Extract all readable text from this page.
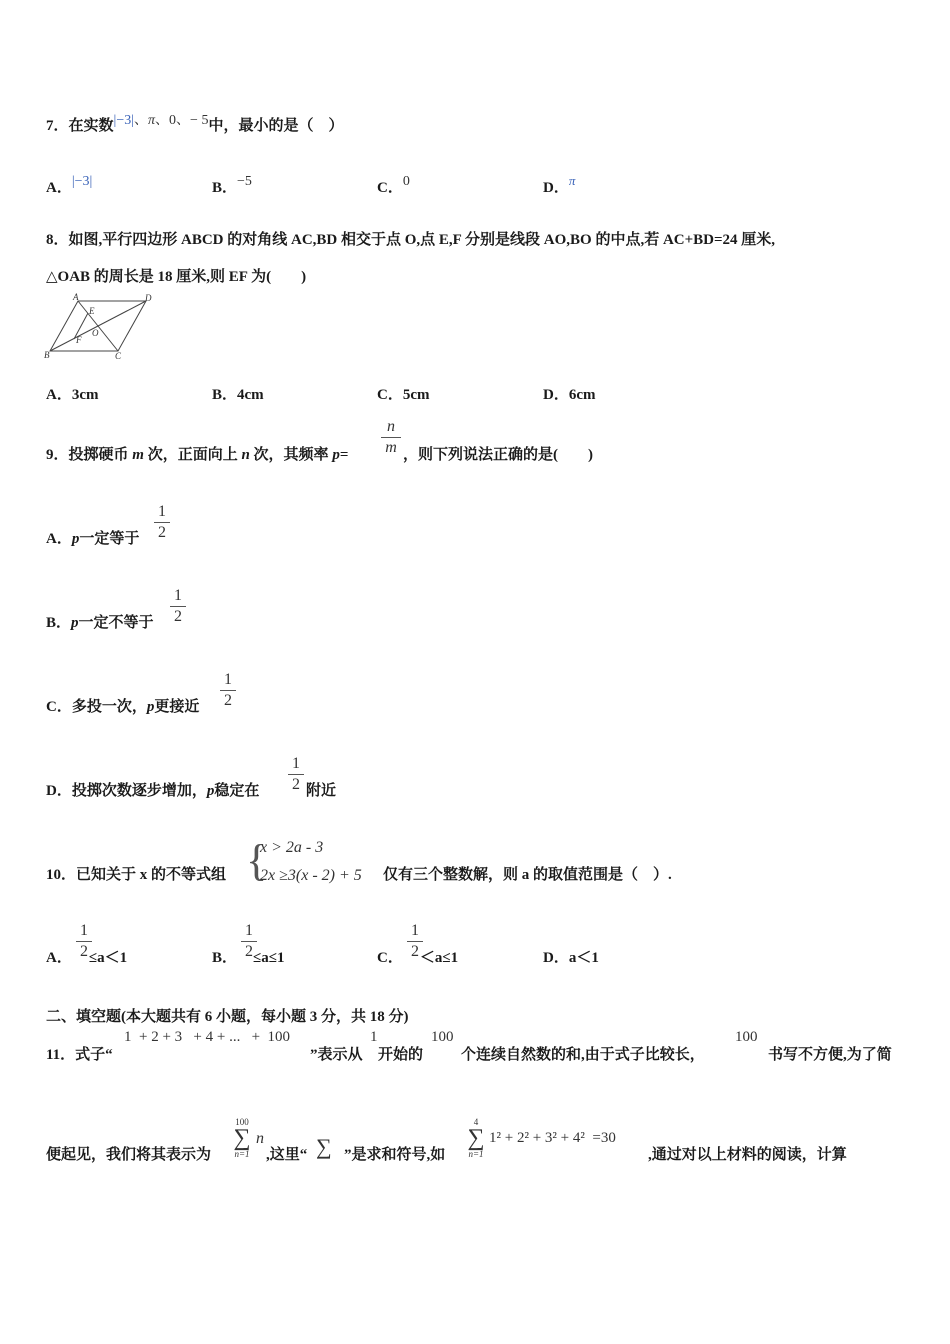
7．在实数|−3|、π、0、− 5中，最小的是（　）
A．|−3|	B．−5	C．0	D．π
8．如图,平行四边形 ABCD 的对角线 AC,BD 相交于点 O,点 E,F 分别是线段 AO,BO 的中点,若 AC+BD=24 厘米,
△OAB 的周长是 18 厘米,则 EF 为(　　)
A	D
E
O
F
B	C
A．3cm	B．4cm	C．5cm	D．6cm
9．投掷硬币 m 次，正面向上 n 次，其频率 p=
n
m ，则下列说法正确的是(　　)
A．p一定等于
1
2
B．p一定不等于
1
2
C．多投一次，p更接近
1
2
D．投掷次数逐步增加，p稳定在
1
2 附近
10．已知关于 x 的不等式组 {
x > 2a - 3
2x ≥3(x - 2) + 5 仅有三个整数解，则 a 的取值范围是（　）.
1
2
A． ≤a＜1
1
2
B． ≤a≤1
1
2
C． ＜a≤1	D．a＜1
二、填空题(本大题共有 6 小题，每小题 3 分，共 18 分)
11．式子“
1  + 2 + 3   + 4 + ...   +  100
”表示从
1
开始的
100
个连续自然数的和,由于式子比较长，
100
书写不方便,为了简
便起见，我们将其表示为
100
∑
n=1
n
,这里“ ∑ ”是求和符号,如
4
∑
n=1
1² + 2² + 3² + 4²  =30
,通过对以上材料的阅读，计算
